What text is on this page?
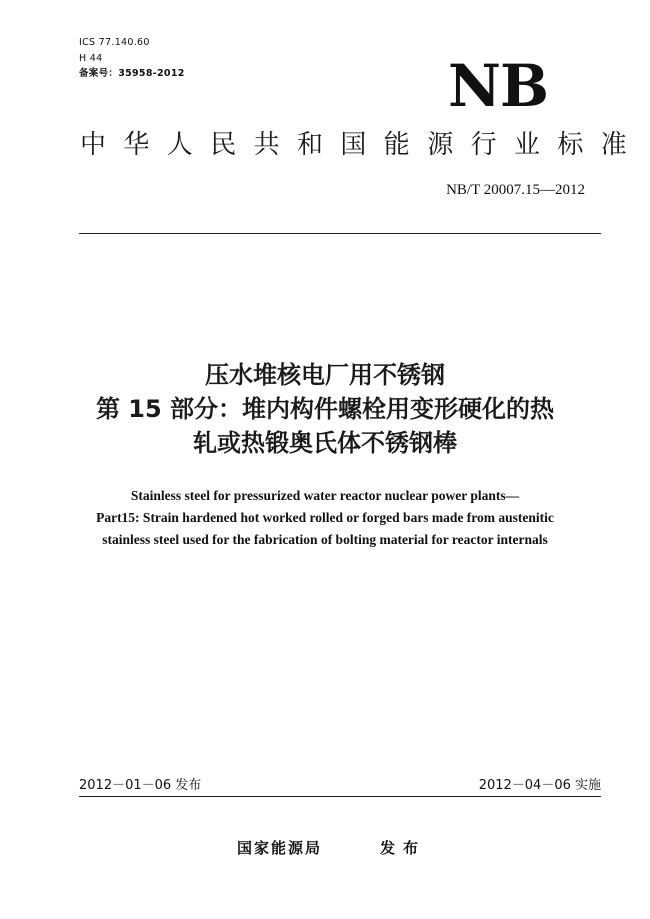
ICS 77.140.60
H 44
备案号：35958-2012	NB
中华人民共和国能源行业标准
NB/T 20007.15—2012
压水堆核电厂用不锈钢
第 15 部分：堆内构件螺栓用变形硬化的热
轧或热锻奥氏体不锈钢棒
Stainless steel for pressurized water reactor nuclear power plants—
Part15: Strain hardened hot worked rolled or forged bars made from austenitic
stainless steel used for the fabrication of bolting material for reactor internals
2012－01－06 发布	2012－04－06 实施
国家能源局	发布
